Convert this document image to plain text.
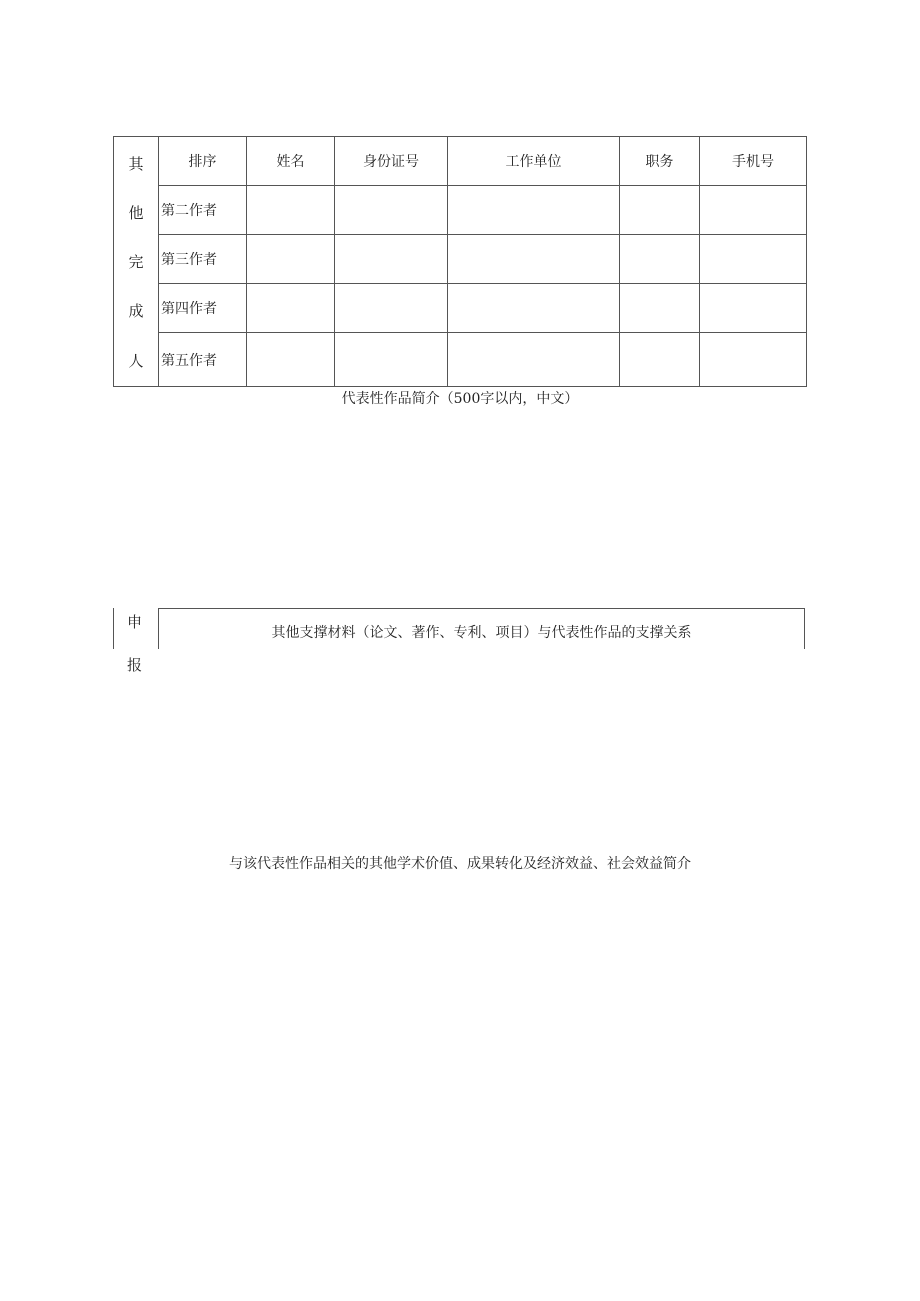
其
他
完
成
人	排序	姓名	身份证号	工作单位	职务	手机号
	第二作者					
	第三作者					
	第四作者					
	第五作者					
代表性作品简介（500字以内，中文）
申
报
其他支撑材料（论文、著作、专利、项目）与代表性作品的支撑关系
与该代表性作品相关的其他学术价值、成果转化及经济效益、社会效益简介
